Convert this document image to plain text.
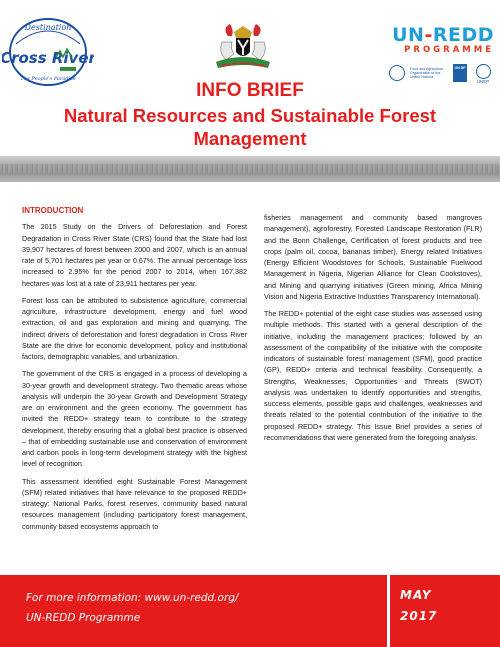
Destination
Cross River
The People's Paradise
UN-REDD
PROGRAMME
Food and Agriculture Organization of the United Nations
UN DP
UNEP
INFO BRIEF
Natural Resources and Sustainable Forest Management
INTRODUCTION

The 2015 Study on the Drivers of Deforestation and Forest Degradation in Cross River State (CRS) found that the State had lost 39,907 hectares of forest between 2000 and 2007, which is an annual rate of 5,701 hectares per year or 0.67%. The annual percentage loss increased to 2.95% for the period 2007 to 2014, when 167,382 hectares was lost at a rate of 23,911 hectares per year.

Forest loss can be attributed to subsistence agriculture, commercial agriculture, infrastructure development, energy and fuel wood extraction, oil and gas exploration and mining and quarrying. The indirect drivers of deforestation and forest degradation in Cross River State are the drive for economic development, policy and institutional factors, demographic variables, and urbanization.

The government of the CRS is engaged in a process of developing a 30-year growth and development strategy. Two thematic areas whose analysis will underpin the 30-year Growth and Development Strategy are on environment and the green economy. The government has invited the REDD+ strategy team to contribute to the strategy development, thereby ensuring that a global best practice is observed – that of embedding sustainable use and conservation of environment and carbon pools in long-term development strategy with the highest level of recognition.

This assessment identified eight Sustainable Forest Management (SFM) related initiatives that have relevance to the proposed REDD+ strategy: National Parks, forest reserves, community based natural resources management (including participatory forest management, community based ecosystems approach to

fisheries management and community based mangroves management), agroforestry, Forested Landscape Restoration (FLR) and the Bonn Challenge, Certification of forest products and tree crops (palm oil, cocoa, bananas timber), Energy related Initiatives (Energy Efficient Woodstoves for Schools, Sustainable Fuelwood Management in Nigeria, Nigerian Alliance for Clean Cookstoves), and Mining and quarrying initiatives (Green mining, Africa Mining Vision and Nigeria Extractive Industries Transparency International).

The REDD+ potential of the eight case studies was assessed using multiple methods. This started with a general description of the initiative, including the management practices; followed by an assessment of the compatibility of the initiative with the composite indicators of sustainable forest management (SFM), good practice (GP), REDD+ criteria and technical feasibility. Consequently, a Strengths, Weaknesses, Opportunities and Threats (SWOT) analysis was undertaken to identify opportunities and strengths, success elements, possible gaps and challenges, weaknesses and threats related to the potential contribution of the initiative to the proposed REDD+ strategy. This Issue Brief provides a series of recommendations that were generated from the foregoing analysis.

For more information: www.un-redd.org/
UN-REDD Programme
MAY
2017
